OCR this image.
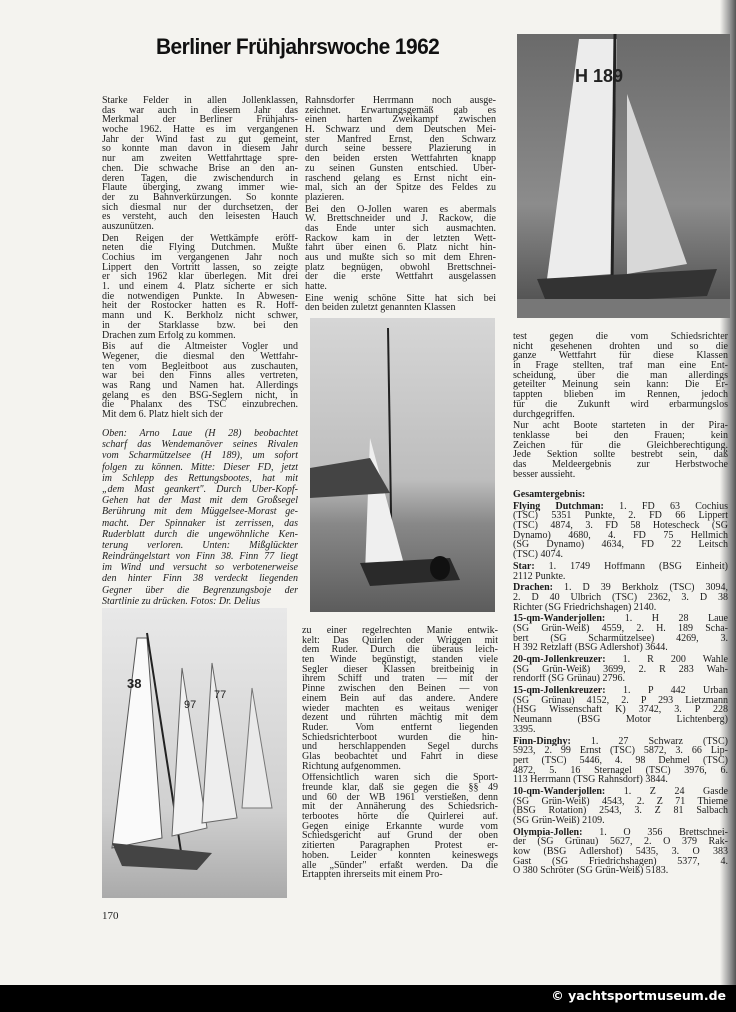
Berliner Frühjahrswoche 1962
Starke Felder in allen Jollenklassen,
das war auch in diesem Jahr das
Merkmal der Berliner Frühjahrs-
woche 1962. Hatte es im vergangenen
Jahr der Wind fast zu gut gemeint,
so konnte man davon in diesem Jahr
nur am zweiten Wettfahrttage spre-
chen. Die schwache Brise an den an-
deren Tagen, die zwischendurch in
Flaute überging, zwang immer wie-
der zu Bahnverkürzungen. So konnte
sich diesmal nur der durchsetzen, der
es versteht, auch den leisesten Hauch
auszunützen.
Den Reigen der Wettkämpfe eröff-
neten die Flying Dutchmen. Mußte
Cochius im vergangenen Jahr noch
Lippert den Vortritt lassen, so zeigte
er sich 1962 klar überlegen. Mit drei
1. und einem 4. Platz sicherte er sich
die notwendigen Punkte. In Abwesen-
heit der Rostocker hatten es R. Hoff-
mann und K. Berkholz nicht schwer,
in der Starklasse bzw. bei den
Drachen zum Erfolg zu kommen.
Bis auf die Altmeister Vogler und
Wegener, die diesmal den Wettfahr-
ten vom Begleitboot aus zuschauten,
war bei den Finns alles vertreten,
was Rang und Namen hat. Allerdings
gelang es den BSG-Seglern nicht, in
die Phalanx des TSC einzubrechen.
Mit dem 6. Platz hielt sich der
Oben: Arno Laue (H 28) beobachtet
scharf das Wendemanöver seines Rivalen
vom Scharmützelsee (H 189), um sofort
folgen zu können. Mitte: Dieser FD, jetzt
im Schlepp des Rettungsbootes, hat mit
„dem Mast geankert". Durch Über-Kopf-
Gehen hat der Mast mit dem Großsegel
Berührung mit dem Müggelsee-Morast ge-
macht. Der Spinnaker ist zerrissen, das
Ruderblatt durch die ungewöhnliche Ken-
terung verloren. Unten: Mißglückter
Reindrängelstart von Finn 38. Finn 77 liegt
im Wind und versucht so verbotenerweise
den hinter Finn 38 verdeckt liegenden
Gegner über die Begrenzungsboje der
Startlinie zu drücken. Fotos: Dr. Delius
Rahnsdorfer Herrmann noch ausge-
zeichnet. Erwartungsgemäß gab es
einen harten Zweikampf zwischen
H. Schwarz und dem Deutschen Mei-
ster Manfred Ernst, den Schwarz
durch seine bessere Plazierung in
den beiden ersten Wettfahrten knapp
zu seinen Gunsten entschied. Über-
raschend gelang es Ernst nicht ein-
mal, sich an der Spitze des Feldes zu
plazieren.
Bei den O-Jollen waren es abermals
W. Brettschneider und J. Rackow, die
das Ende unter sich ausmachten.
Rackow kam in der letzten Wett-
fahrt über einen 6. Platz nicht hin-
aus und mußte sich so mit dem Ehren-
platz begnügen, obwohl Brettschnei-
der die erste Wettfahrt ausgelassen
hatte.
Eine wenig schöne Sitte hat sich bei
den beiden zuletzt genannten Klassen
zu einer regelrechten Manie entwik-
kelt: Das Quirlen oder Wriggen mit
dem Ruder. Durch die überaus leich-
ten Winde begünstigt, standen viele
Segler dieser Klassen breitbeinig in
ihrem Schiff und traten — mit der
Pinne zwischen den Beinen — von
einem Bein auf das andere. Andere
wieder machten es weitaus weniger
dezent und rührten mächtig mit dem
Ruder. Vom entfernt liegenden
Schiedsrichterboot wurden die hin-
und herschlappenden Segel durchs
Glas beobachtet und Fahrt in diese
Richtung aufgenommen.
Offensichtlich waren sich die Sport-
freunde klar, daß sie gegen die §§ 49
und 60 der WB 1961 verstießen, denn
mit der Annäherung des Schiedsrich-
terbootes hörte die Quirlerei auf.
Gegen einige Erkannte wurde vom
Schiedsgericht auf Grund der oben
zitierten Paragraphen Protest er-
hoben. Leider konnten keineswegs
alle „Sünder" erfaßt werden. Da die
Ertappten ihrerseits mit einem Pro-
test gegen die vom Schiedsrichter
nicht gesehenen drohten und so die
ganze Wettfahrt für diese Klassen
in Frage stellten, traf man eine Ent-
scheidung, über die man allerdings
geteilter Meinung sein kann: Die Er-
tappten blieben im Rennen, jedoch
für die Zukunft wird erbarmungslos
durchgegriffen.
Nur acht Boote starteten in der Pira-
tenklasse bei den Frauen; kein
Zeichen für die Gleichberechtigung.
Jede Sektion sollte bestrebt sein, daß
das Meldeergebnis zur Herbstwoche
besser aussieht.
Gesamtergebnis:
Flying Dutchman: 1. FD 63 Cochius
(TSC) 5351 Punkte, 2. FD 66 Lippert
(TSC) 4874, 3. FD 58 Hotescheck (SG
Dynamo) 4680, 4. FD 75 Hellmich
(SG Dynamo) 4634, FD 22 Leitsch
(TSC) 4074.
Star: 1. 1749 Hoffmann (BSG Einheit)
2112 Punkte.
Drachen: 1. D 39 Berkholz (TSC) 3094,
2. D 40 Ulbrich (TSC) 2362, 3. D 38
Richter (SG Friedrichshagen) 2140.
15-qm-Wanderjollen: 1. H 28 Laue
(SG Grün-Weiß) 4559, 2. H. 189 Scha-
bert (SG Scharmützelsee) 4269, 3.
H 392 Retzlaff (BSG Adlershof) 3644.
20-qm-Jollenkreuzer: 1. R 200 Wahle
(SG Grün-Weiß) 3699, 2. R 283 Wah-
rendorff (SG Grünau) 2796.
15-qm-Jollenkreuzer: 1. P 442 Urban
(SG Grünau) 4152, 2. P 293 Lietzmann
(HSG Wissenschaft K) 3742, 3. P 228
Neumann (BSG Motor Lichtenberg)
3395.
Finn-Dinghy: 1. 27 Schwarz (TSC)
5923, 2. 99 Ernst (TSC) 5872, 3. 66 Lip-
pert (TSC) 5446, 4. 98 Dehmel (TSC)
4872, 5. 16 Sternagel (TSC) 3976, 6.
113 Herrmann (TSG Rahnsdorf) 3844.
10-qm-Wanderjollen: 1. Z 24 Gasde
(SG Grün-Weiß) 4543, 2. Z 71 Thieme
(BSG Rotation) 2543, 3. Z 81 Salbach
(SG Grün-Weiß) 2109.
Olympia-Jollen: 1. O 356 Brettschnei-
der (SG Grünau) 5627, 2. O 379 Rak-
kow (BSG Adlershof) 5435, 3. O 383
Gast (SG Friedrichshagen) 5377, 4.
O 380 Schröter (SG Grün-Weiß) 5183.
H 189
38
97
77
170
© yachtsportmuseum.de
